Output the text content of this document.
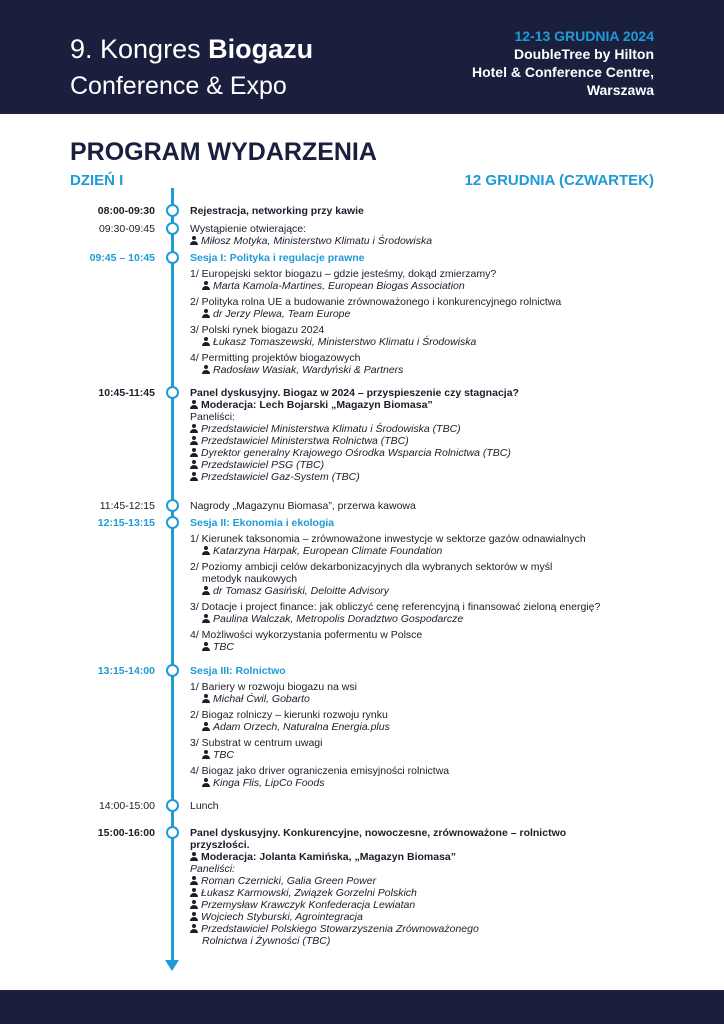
9. Kongres Biogazu
Conference & Expo
12-13 GRUDNIA 2024
DoubleTree by Hilton
Hotel & Conference Centre,
Warszawa
PROGRAM WYDARZENIA
DZIEŃ I	12 GRUDNIA (CZWARTEK)
08:00-09:30	Rejestracja, networking przy kawie
09:30-09:45	Wystąpienie otwierające:
Miłosz Motyka, Ministerstwo Klimatu i Środowiska
09:45 – 10:45	Sesja I: Polityka i regulacje prawne
1/ Europejski sektor biogazu – gdzie jesteśmy, dokąd zmierzamy?
Marta Kamola-Martines, European Biogas Association
2/ Polityka rolna UE a budowanie zrównoważonego i konkurencyjnego rolnictwa
dr Jerzy Plewa, Team Europe
3/ Polski rynek biogazu 2024
Łukasz Tomaszewski, Ministerstwo Klimatu i Środowiska
4/ Permitting projektów biogazowych
Radosław Wasiak, Wardyński & Partners
10:45-11:45	Panel dyskusyjny. Biogaz w 2024 – przyspieszenie czy stagnacja?
Moderacja: Lech Bojarski „Magazyn Biomasa”
Paneliści:
Przedstawiciel Ministerstwa Klimatu i Środowiska (TBC)
Przedstawiciel Ministerstwa Rolnictwa (TBC)
Dyrektor generalny Krajowego Ośrodka Wsparcia Rolnictwa (TBC)
Przedstawiciel PSG (TBC)
Przedstawiciel Gaz-System (TBC)
11:45-12:15	Nagrody „Magazynu Biomasa”, przerwa kawowa
12:15-13:15	Sesja II: Ekonomia i ekologia
1/ Kierunek taksonomia – zrównoważone inwestycje w sektorze gazów odnawialnych
Katarzyna Harpak, European Climate Foundation
2/ Poziomy ambicji celów dekarbonizacyjnych dla wybranych sektorów w myśl
metodyk naukowych
dr Tomasz Gasiński, Deloitte Advisory
3/ Dotacje i project finance: jak obliczyć cenę referencyjną i finansować zieloną energię?
Paulina Walczak, Metropolis Doradztwo Gospodarcze
4/ Możliwości wykorzystania pofermentu w Polsce
TBC
13:15-14:00	Sesja III: Rolnictwo
1/ Bariery w rozwoju biogazu na wsi
Michał Ćwil, Gobarto
2/ Biogaz rolniczy – kierunki rozwoju rynku
Adam Orzech, Naturalna Energia.plus
3/ Substrat w centrum uwagi
TBC
4/ Biogaz jako driver ograniczenia emisyjności rolnictwa
Kinga Flis, LipCo Foods
14:00-15:00	Lunch
15:00-16:00	Panel dyskusyjny. Konkurencyjne, nowoczesne, zrównoważone – rolnictwo
przyszłości.
Moderacja: Jolanta Kamińska, „Magazyn Biomasa”
Paneliści:
Roman Czernicki, Galia Green Power
Łukasz Karmowski, Związek Gorzelni Polskich
Przemysław Krawczyk Konfederacja Lewiatan
Wojciech Styburski, Agrointegracja
Przedstawiciel Polskiego Stowarzyszenia Zrównoważonego
Rolnictwa i Żywności (TBC)
